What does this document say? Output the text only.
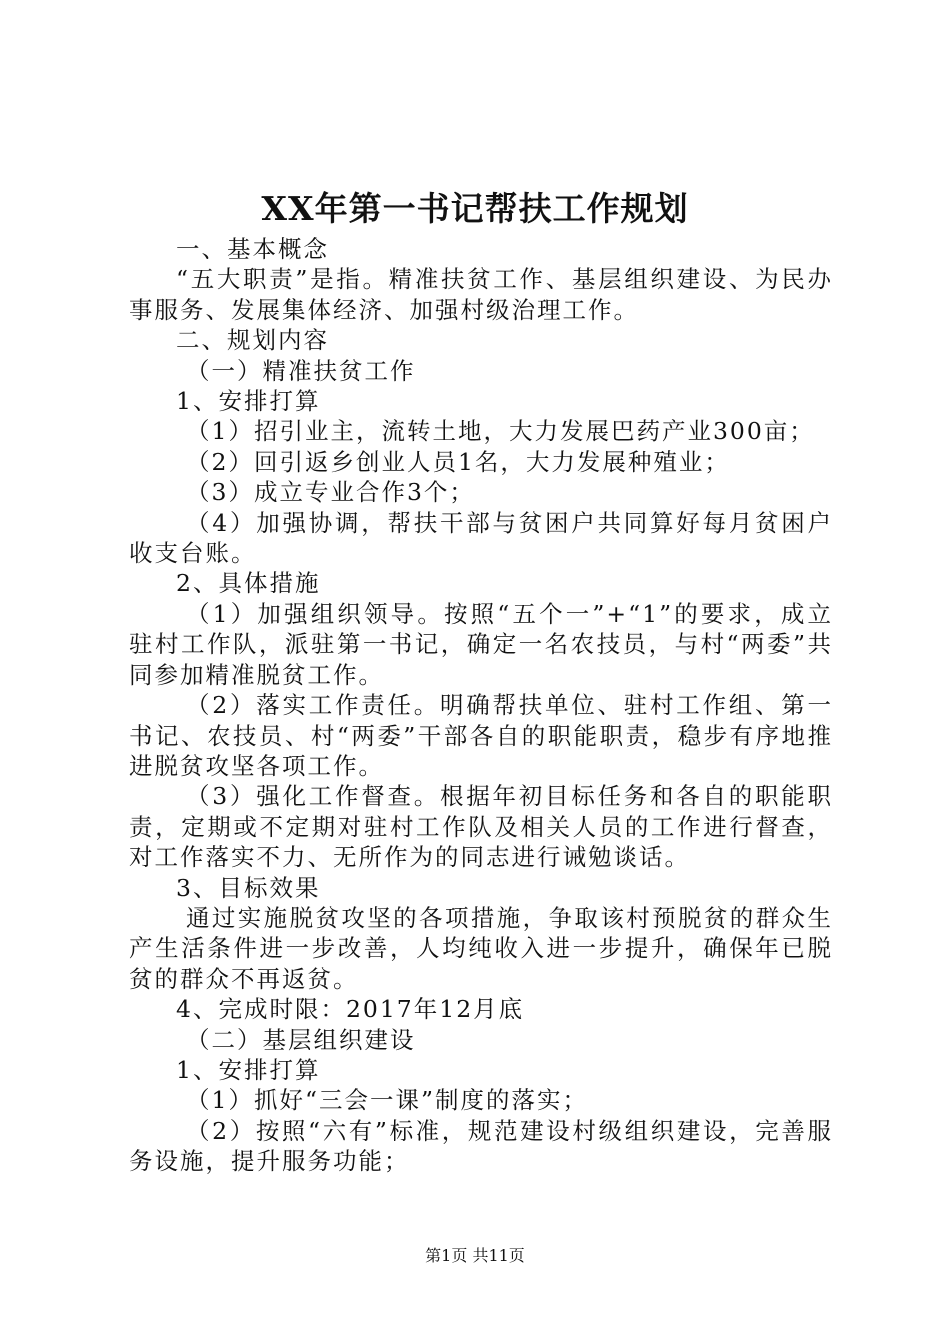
XX年第一书记帮扶工作规划

一、基本概念

“五大职责”是指。精准扶贫工作、基层组织建设、为民办事服务、发展集体经济、加强村级治理工作。

二、规划内容

（一）精准扶贫工作

1、安排打算

（1）招引业主，流转土地，大力发展巴药产业300亩；

（2）回引返乡创业人员1名，大力发展种殖业；

（3）成立专业合作3个；

（4）加强协调，帮扶干部与贫困户共同算好每月贫困户收支台账。

2、具体措施

（1）加强组织领导。按照“五个一”+“1”的要求，成立驻村工作队，派驻第一书记，确定一名农技员，与村“两委”共同参加精准脱贫工作。

（2）落实工作责任。明确帮扶单位、驻村工作组、第一书记、农技员、村“两委”干部各自的职能职责，稳步有序地推进脱贫攻坚各项工作。

（3）强化工作督查。根据年初目标任务和各自的职能职责，定期或不定期对驻村工作队及相关人员的工作进行督查，对工作落实不力、无所作为的同志进行诫勉谈话。

3、目标效果

通过实施脱贫攻坚的各项措施，争取该村预脱贫的群众生产生活条件进一步改善，人均纯收入进一步提升，确保年已脱贫的群众不再返贫。

4、完成时限：2017年12月底

（二）基层组织建设

1、安排打算

（1）抓好“三会一课”制度的落实；

（2）按照“六有”标准，规范建设村级组织建设，完善服务设施，提升服务功能；

第1页 共11页
